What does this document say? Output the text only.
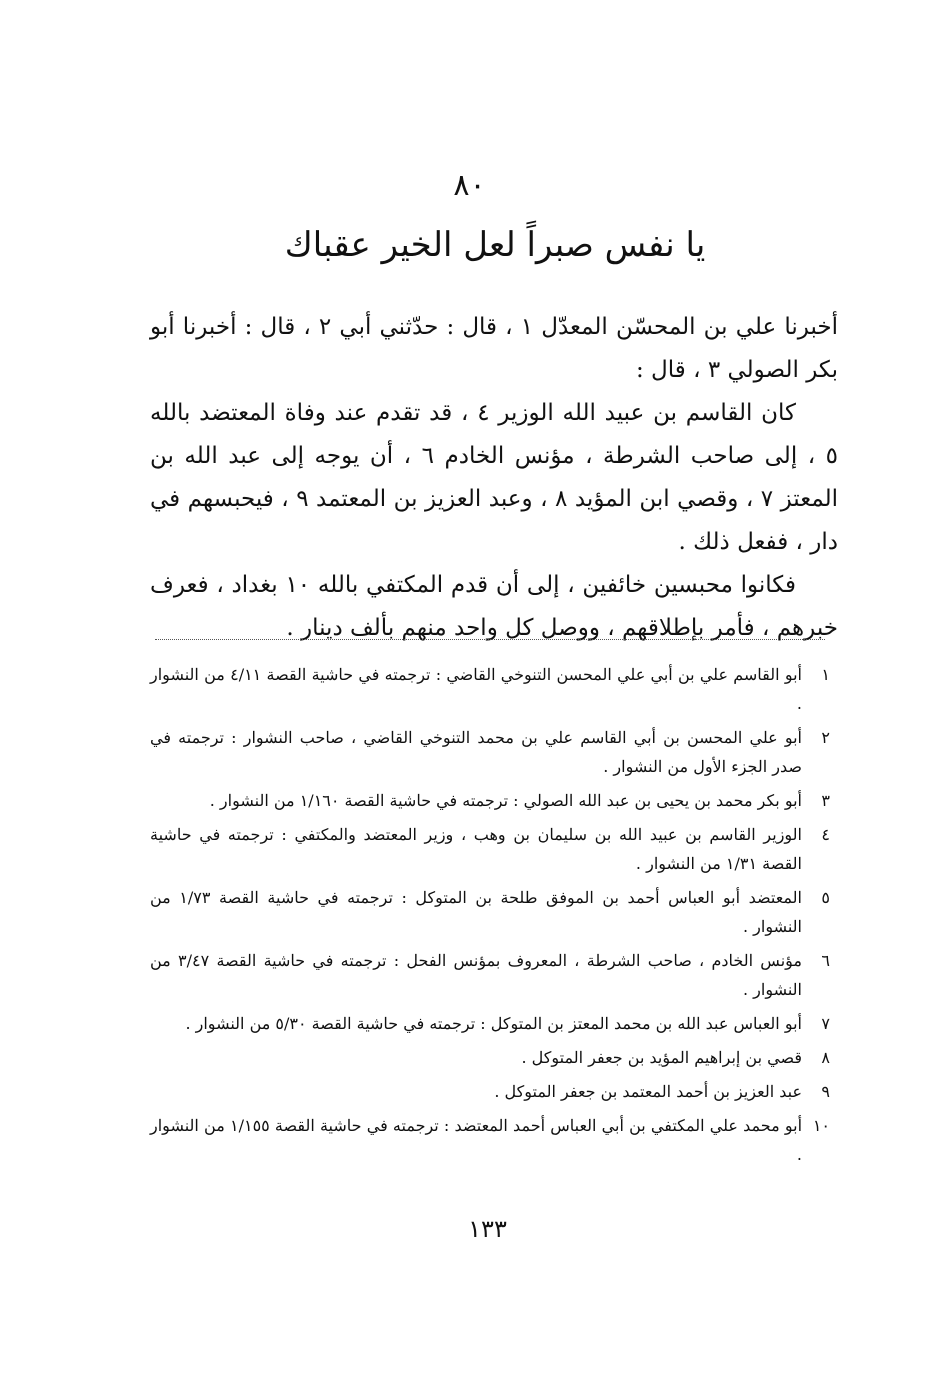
٨٠
يا نفس صبراً لعل الخير عقباك

أخبرنا علي بن المحسّن المعدّل ١ ، قال : حدّثني أبي ٢ ، قال : أخبرنا أبو بكر الصولي ٣ ، قال :

كان القاسم بن عبيد الله الوزير ٤ ، قد تقدم عند وفاة المعتضد بالله ٥ ، إلى صاحب الشرطة ، مؤنس الخادم ٦ ، أن يوجه إلى عبد الله بن المعتز ٧ ، وقصي ابن المؤيد ٨ ، وعبد العزيز بن المعتمد ٩ ، فيحبسهم في دار ، ففعل ذلك .

فكانوا محبسين خائفين ، إلى أن قدم المكتفي بالله ١٠ بغداد ، فعرف خبرهم ، فأمر بإطلاقهم ، ووصل كل واحد منهم بألف دينار .

١
أبو القاسم علي بن أبي علي المحسن التنوخي القاضي : ترجمته في حاشية القصة ٤/١١ من النشوار .
٢
أبو علي المحسن بن أبي القاسم علي بن محمد التنوخي القاضي ، صاحب النشوار : ترجمته في صدر الجزء الأول من النشوار .
٣
أبو بكر محمد بن يحيى بن عبد الله الصولي : ترجمته في حاشية القصة ١/١٦٠ من النشوار .
٤
الوزير القاسم بن عبيد الله بن سليمان بن وهب ، وزير المعتضد والمكتفي : ترجمته في حاشية القصة ١/٣١ من النشوار .
٥
المعتضد أبو العباس أحمد بن الموفق طلحة بن المتوكل : ترجمته في حاشية القصة ١/٧٣ من النشوار .
٦
مؤنس الخادم ، صاحب الشرطة ، المعروف بمؤنس الفحل : ترجمته في حاشية القصة ٣/٤٧ من النشوار .
٧
أبو العباس عبد الله بن محمد المعتز بن المتوكل : ترجمته في حاشية القصة ٥/٣٠ من النشوار .
٨
قصي بن إبراهيم المؤيد بن جعفر المتوكل .
٩
عبد العزيز بن أحمد المعتمد بن جعفر المتوكل .
١٠
أبو محمد علي المكتفي بن أبي العباس أحمد المعتضد : ترجمته في حاشية القصة ١/١٥٥ من النشوار .
١٣٣
